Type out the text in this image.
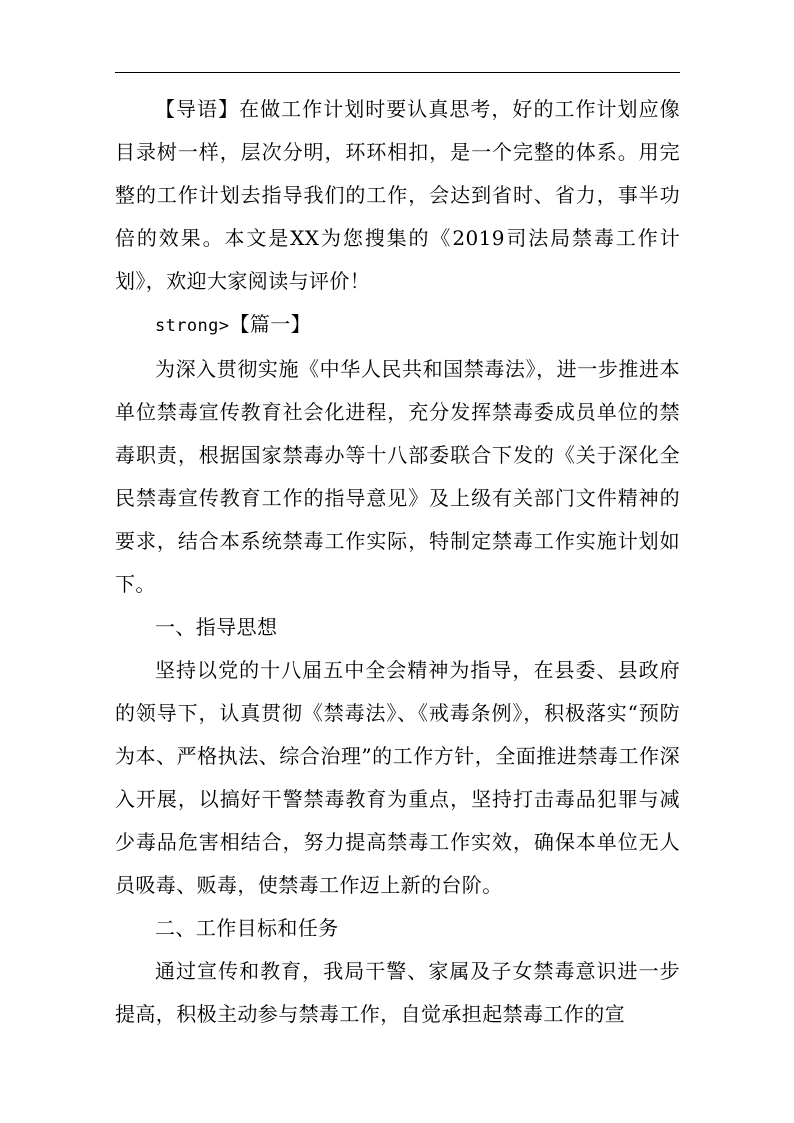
【导语】在做工作计划时要认真思考，好的工作计划应像目录树一样，层次分明，环环相扣，是一个完整的体系。用完整的工作计划去指导我们的工作，会达到省时、省力，事半功倍的效果。本文是XX为您搜集的《2019司法局禁毒工作计划》，欢迎大家阅读与评价！

strong>【篇一】

为深入贯彻实施《中华人民共和国禁毒法》，进一步推进本单位禁毒宣传教育社会化进程，充分发挥禁毒委成员单位的禁毒职责，根据国家禁毒办等十八部委联合下发的《关于深化全民禁毒宣传教育工作的指导意见》及上级有关部门文件精神的要求，结合本系统禁毒工作实际，特制定禁毒工作实施计划如下。

一、指导思想

坚持以党的十八届五中全会精神为指导，在县委、县政府的领导下，认真贯彻《禁毒法》、《戒毒条例》，积极落实“预防为本、严格执法、综合治理”的工作方针，全面推进禁毒工作深入开展，以搞好干警禁毒教育为重点，坚持打击毒品犯罪与减少毒品危害相结合，努力提高禁毒工作实效，确保本单位无人员吸毒、贩毒，使禁毒工作迈上新的台阶。

二、工作目标和任务

通过宣传和教育，我局干警、家属及子女禁毒意识进一步提高，积极主动参与禁毒工作，自觉承担起禁毒工作的宣
